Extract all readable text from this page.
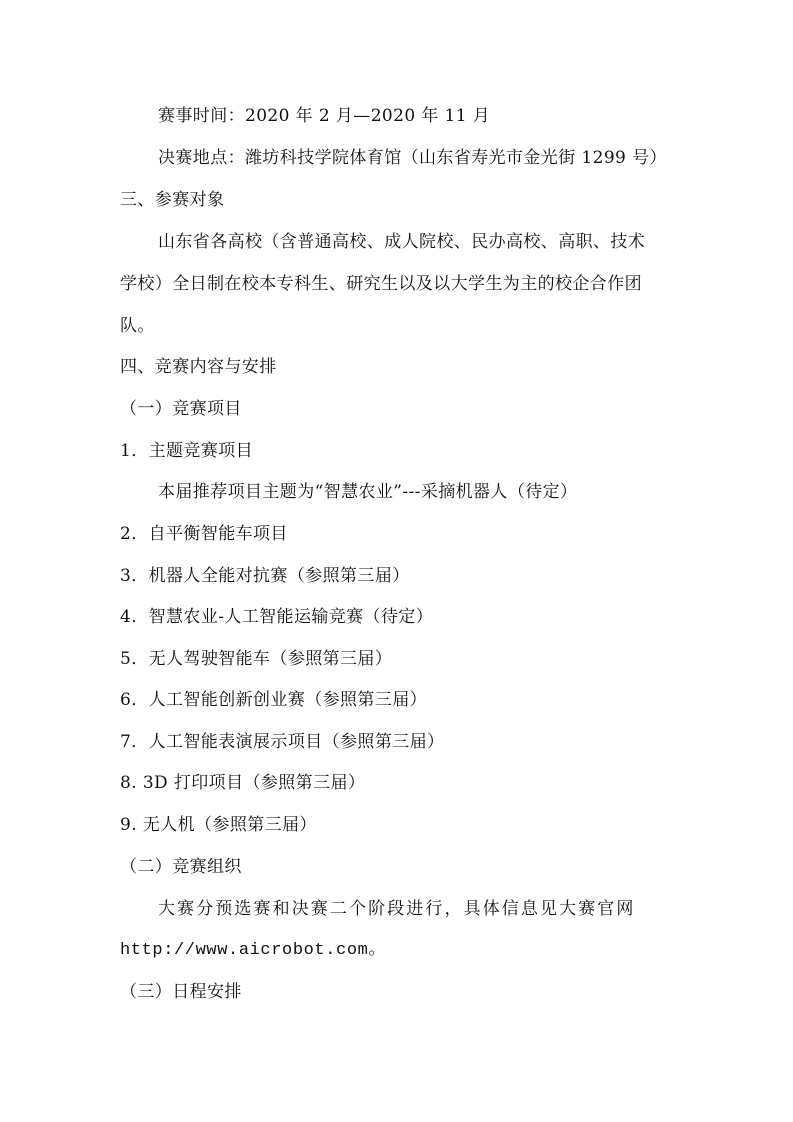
赛事时间：2020 年 2 月—2020 年 11 月
决赛地点：潍坊科技学院体育馆（山东省寿光市金光街 1299 号）
三、参赛对象
山东省各高校（含普通高校、成人院校、民办高校、高职、技术
学校）全日制在校本专科生、研究生以及以大学生为主的校企合作团
队。
四、竞赛内容与安排
（一）竞赛项目
1．主题竞赛项目
本届推荐项目主题为“智慧农业”---采摘机器人（待定）
2．自平衡智能车项目
3．机器人全能对抗赛（参照第三届）
4．智慧农业-人工智能运输竞赛（待定）
5．无人驾驶智能车（参照第三届）
6．人工智能创新创业赛（参照第三届）
7．人工智能表演展示项目（参照第三届）
8. 3D 打印项目（参照第三届）
9. 无人机（参照第三届）
（二）竞赛组织
大赛分预选赛和决赛二个阶段进行，具体信息见大赛官网
http://www.aicrobot.com。
（三）日程安排
